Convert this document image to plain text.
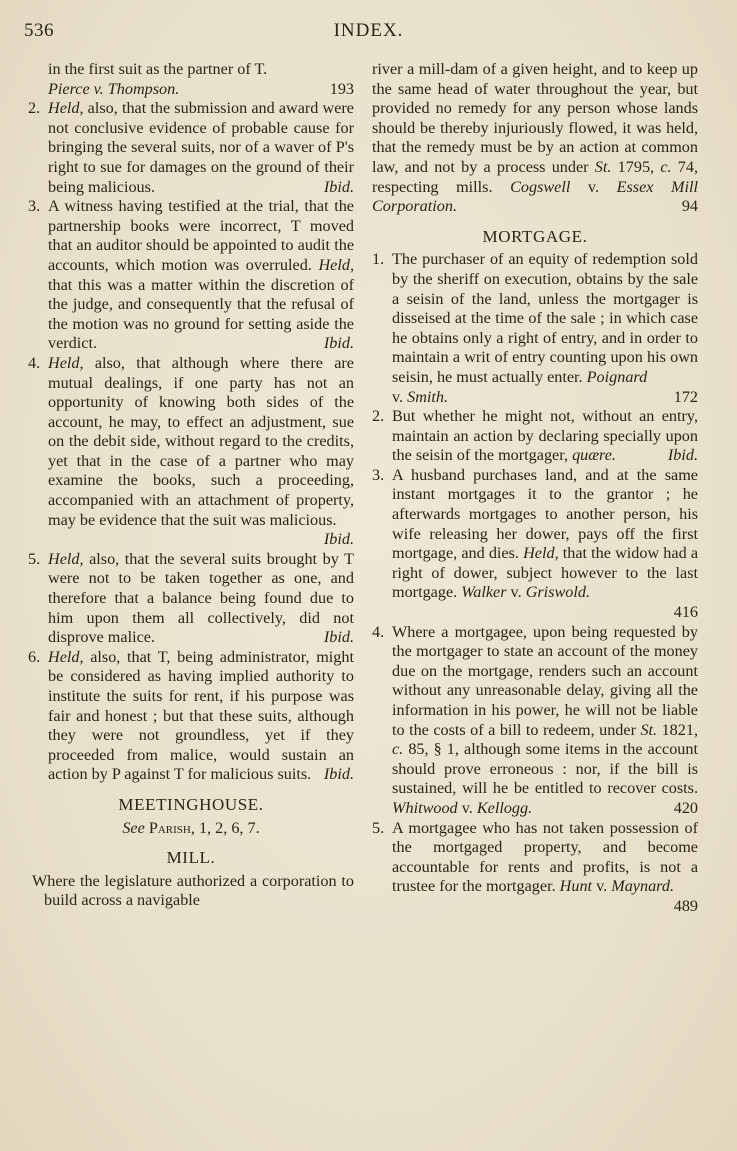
536	INDEX.
in the first suit as the partner of T.
Pierce v. Thompson.	193
2. Held, also, that the submission and award were not conclusive evidence of probable cause for bringing the several suits, nor of a waver of P's right to sue for damages on the ground of their being malicious.	Ibid.
3. A witness having testified at the trial, that the partnership books were incorrect, T moved that an auditor should be appointed to audit the accounts, which motion was overruled. Held, that this was a matter within the discretion of the judge, and consequently that the refusal of the motion was no ground for setting aside the verdict.	Ibid.
4. Held, also, that although where there are mutual dealings, if one party has not an opportunity of knowing both sides of the account, he may, to effect an adjustment, sue on the debit side, without regard to the credits, yet that in the case of a partner who may examine the books, such a proceeding, accompanied with an attachment of property, may be evidence that the suit was malicious.
Ibid.
5. Held, also, that the several suits brought by T were not to be taken together as one, and therefore that a balance being found due to him upon them all collectively, did not disprove malice.	Ibid.
6. Held, also, that T, being administrator, might be considered as having implied authority to institute the suits for rent, if his purpose was fair and honest ; but that these suits, although they were not groundless, yet if they proceeded from malice, would sustain an action by P against T for malicious suits. Ibid.
MEETINGHOUSE.
See Parish, 1, 2, 6, 7.
MILL.
Where the legislature authorized a corporation to build across a navigable
river a mill-dam of a given height, and to keep up the same head of water throughout the year, but provided no remedy for any person whose lands should be thereby injuriously flowed, it was held, that the remedy must be by an action at common law, and not by a process under St. 1795, c. 74, respecting mills. Cogswell v. Essex Mill Corporation.	94
MORTGAGE.
1. The purchaser of an equity of redemption sold by the sheriff on execution, obtains by the sale a seisin of the land, unless the mortgager is disseised at the time of the sale ; in which case he obtains only a right of entry, and in order to maintain a writ of entry counting upon his own seisin, he must actually enter. Poignard
v. Smith.	172
2. But whether he might not, without an entry, maintain an action by declaring specially upon the seisin of the mortgager, quære.	Ibid.
3. A husband purchases land, and at the same instant mortgages it to the grantor ; he afterwards mortgages to another person, his wife releasing her dower, pays off the first mortgage, and dies. Held, that the widow had a right of dower, subject however to the last mortgage. Walker v. Griswold.
416
4. Where a mortgagee, upon being requested by the mortgager to state an account of the money due on the mortgage, renders such an account without any unreasonable delay, giving all the information in his power, he will not be liable to the costs of a bill to redeem, under St. 1821, c. 85, § 1, although some items in the account should prove erroneous : nor, if the bill is sustained, will he be entitled to recover costs. Whitwood v. Kellogg.	420
5. A mortgagee who has not taken possession of the mortgaged property, and become accountable for rents and profits, is not a trustee for the mortgager. Hunt v. Maynard.
489
